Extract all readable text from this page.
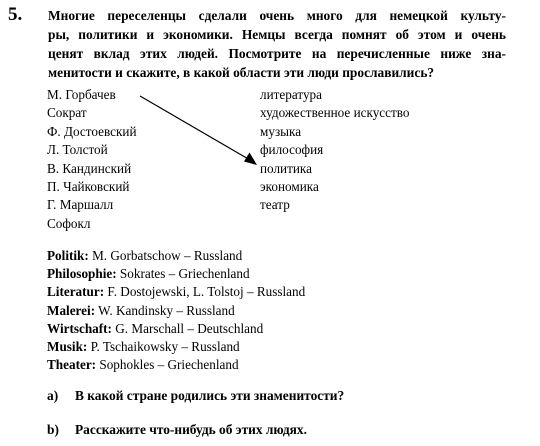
5. Многие переселенцы сделали очень много для немецкой культу-
ры, политики и экономики. Немцы всегда помнят об этом и очень
ценят вклад этих людей. Посмотрите на перечисленные ниже зна-
менитости и скажите, в какой области эти люди прославились?
М. Горбачев
Сократ
Ф. Достоевский
Л. Толстой
В. Кандинский
П. Чайковский
Г. Маршалл
Софокл
литература
художественное искусство
музыка
философия
политика
экономика
театр
Politik: M. Gorbatschow – Russland
Philosophie: Sokrates – Griechenland
Literatur: F. Dostojewski, L. Tolstoj – Russland
Malerei: W. Kandinsky – Russland
Wirtschaft: G. Marschall – Deutschland
Musik: P. Tschaikowsky – Russland
Theater: Sophokles – Griechenland
a) В какой стране родились эти знаменитости?
b) Расскажите что-нибудь об этих людях.
